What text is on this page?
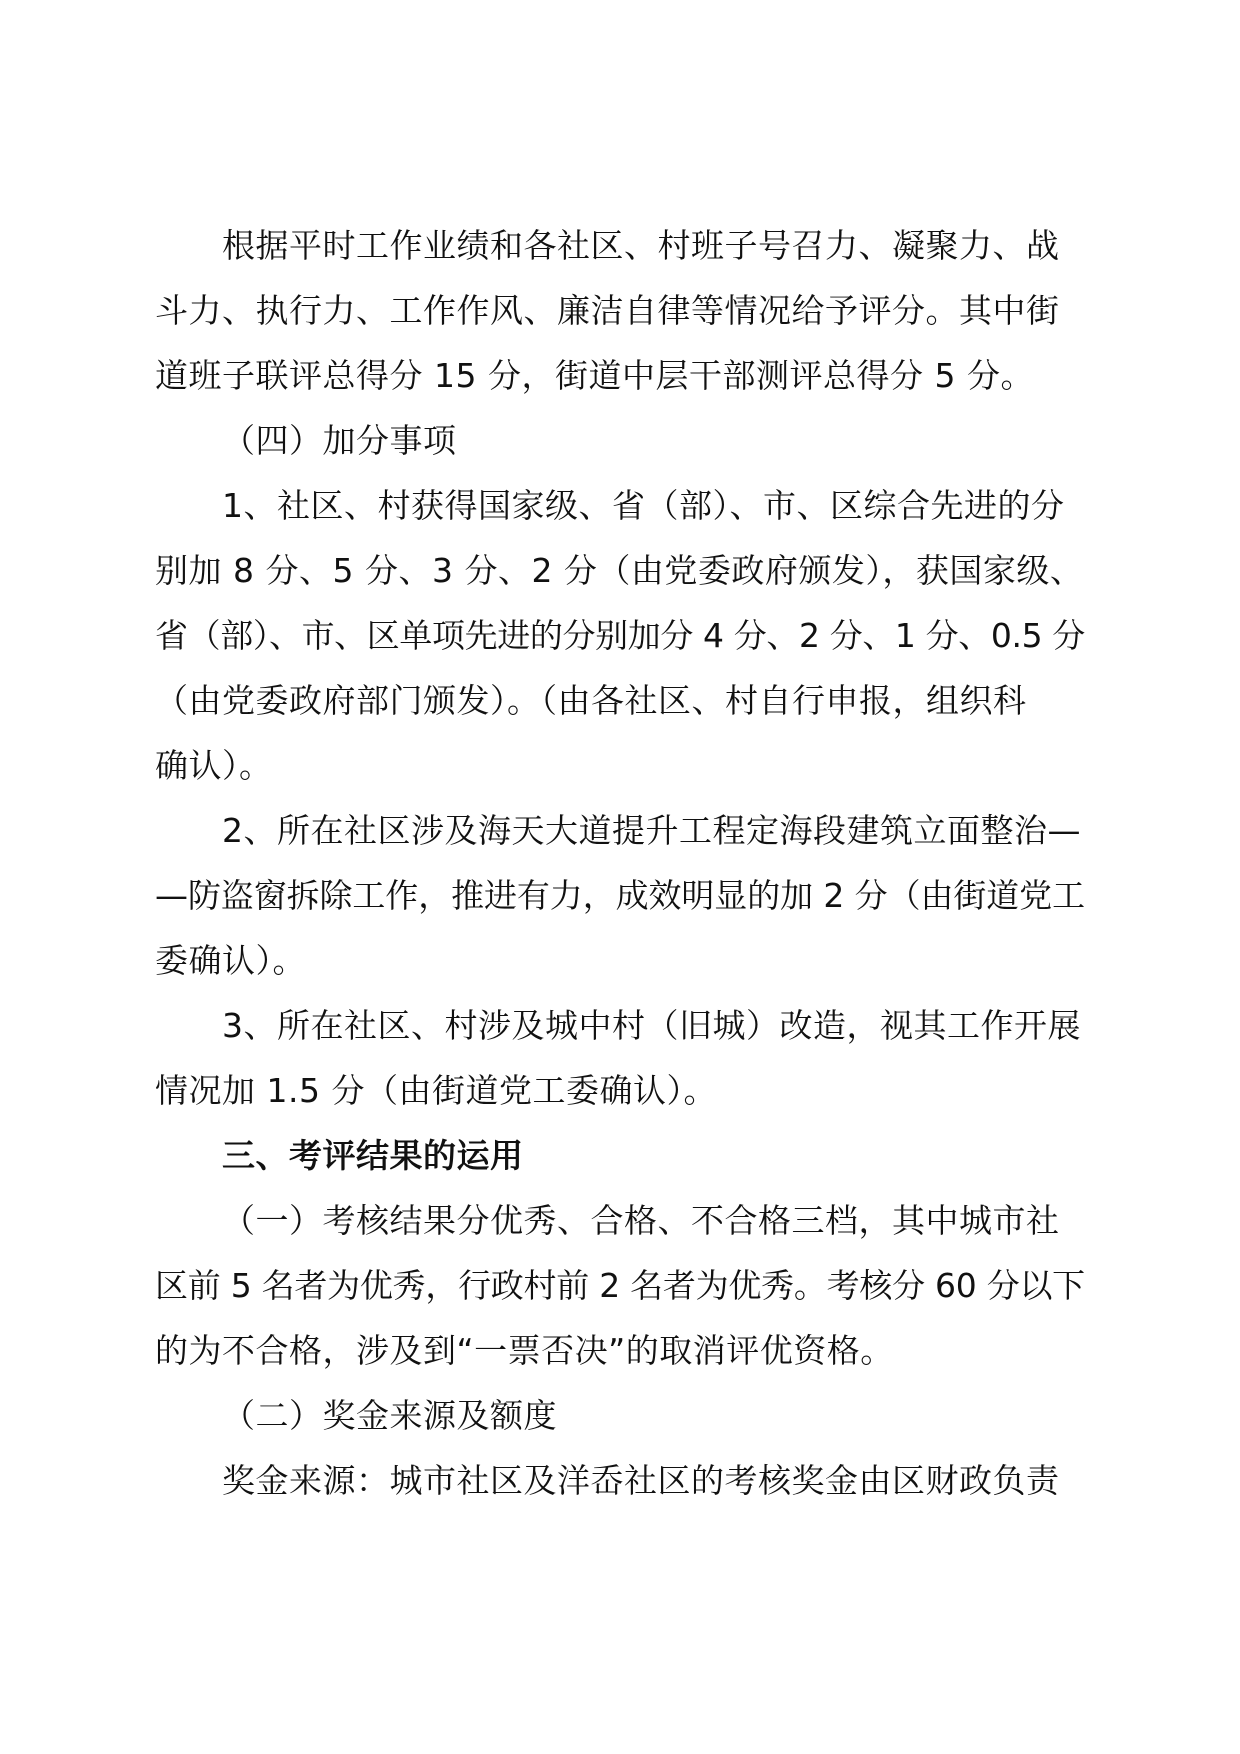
根据平时工作业绩和各社区、村班子号召力、凝聚力、战
斗力、执行力、工作作风、廉洁自律等情况给予评分。其中街
道班子联评总得分 15 分，街道中层干部测评总得分 5 分。
（四）加分事项
1、社区、村获得国家级、省（部）、市、区综合先进的分
别加 8 分、5 分、3 分、2 分（由党委政府颁发），获国家级、
省（部）、市、区单项先进的分别加分 4 分、2 分、1 分、0.5 分
（由党委政府部门颁发）。（由各社区、村自行申报，组织科
确认）。
2、所在社区涉及海天大道提升工程定海段建筑立面整治—
—防盗窗拆除工作，推进有力，成效明显的加 2 分（由街道党工
委确认）。
3、所在社区、村涉及城中村（旧城）改造，视其工作开展
情况加 1.5 分（由街道党工委确认）。
三、考评结果的运用
（一）考核结果分优秀、合格、不合格三档，其中城市社
区前 5 名者为优秀，行政村前 2 名者为优秀。考核分 60 分以下
的为不合格，涉及到“一票否决”的取消评优资格。
（二）奖金来源及额度
奖金来源：城市社区及洋岙社区的考核奖金由区财政负责
